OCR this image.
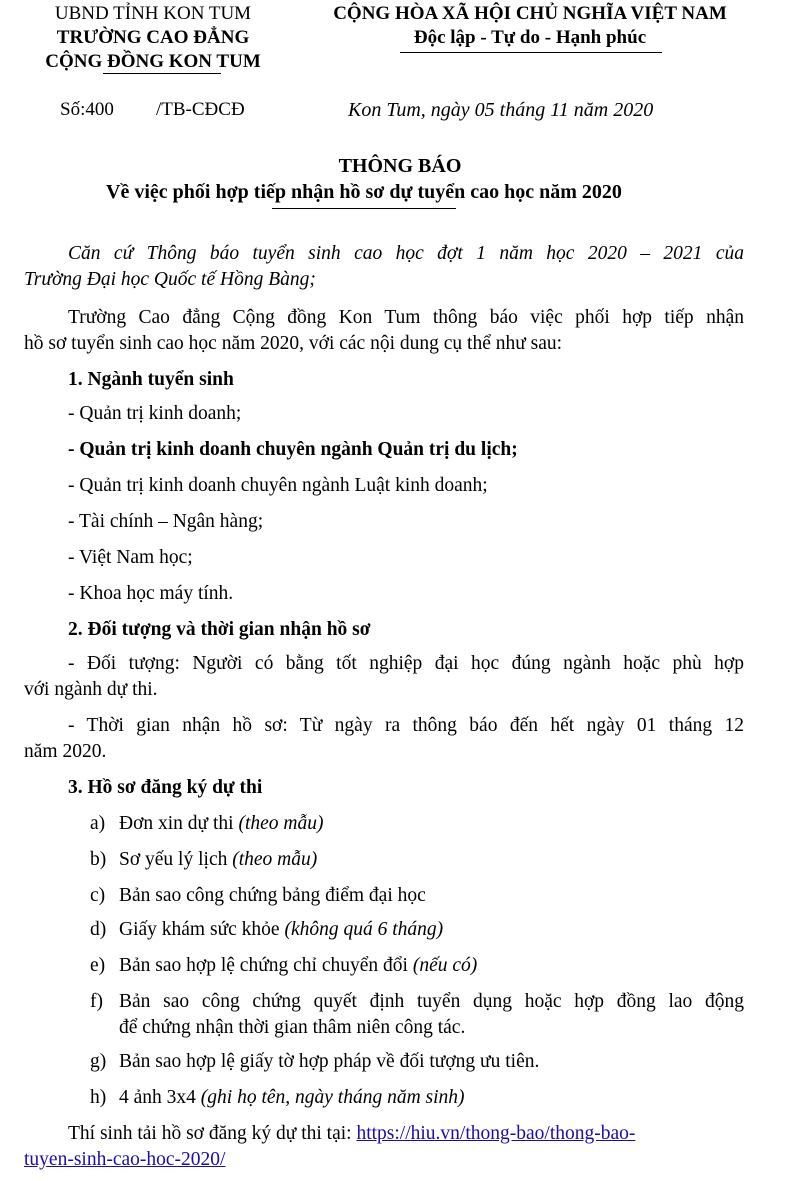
UBND TỈNH KON TUM
TRƯỜNG CAO ĐẲNG
CỘNG ĐỒNG KON TUM
CỘNG HÒA XÃ HỘI CHỦ NGHĨA VIỆT NAM
Độc lập - Tự do - Hạnh phúc
Số:400 /TB-CĐCĐ	Kon Tum, ngày 05 tháng 11 năm 2020
THÔNG BÁO
Về việc phối hợp tiếp nhận hồ sơ dự tuyển cao học năm 2020
Căn cứ Thông báo tuyển sinh cao học đợt 1 năm học 2020 – 2021 của
Trường Đại học Quốc tế Hồng Bàng;
Trường Cao đẳng Cộng đồng Kon Tum thông báo việc phối hợp tiếp nhận
hồ sơ tuyển sinh cao học năm 2020, với các nội dung cụ thể như sau:
1. Ngành tuyển sinh
- Quản trị kinh doanh;
- Quản trị kinh doanh chuyên ngành Quản trị du lịch;
- Quản trị kinh doanh chuyên ngành Luật kinh doanh;
- Tài chính – Ngân hàng;
- Việt Nam học;
- Khoa học máy tính.
2. Đối tượng và thời gian nhận hồ sơ
- Đối tượng: Người có bằng tốt nghiệp đại học đúng ngành hoặc phù hợp
với ngành dự thi.
- Thời gian nhận hồ sơ: Từ ngày ra thông báo đến hết ngày 01 tháng 12
năm 2020.
3. Hồ sơ đăng ký dự thi
a) Đơn xin dự thi (theo mẫu)
b) Sơ yếu lý lịch (theo mẫu)
c) Bản sao công chứng bảng điểm đại học
d) Giấy khám sức khỏe (không quá 6 tháng)
e) Bản sao hợp lệ chứng chỉ chuyển đổi (nếu có)
f) Bản sao công chứng quyết định tuyển dụng hoặc hợp đồng lao động
để chứng nhận thời gian thâm niên công tác.
g) Bản sao hợp lệ giấy tờ hợp pháp về đối tượng ưu tiên.
h) 4 ảnh 3x4 (ghi họ tên, ngày tháng năm sinh)
Thí sinh tải hồ sơ đăng ký dự thi tại: https://hiu.vn/thong-bao/thong-bao-
tuyen-sinh-cao-hoc-2020/
